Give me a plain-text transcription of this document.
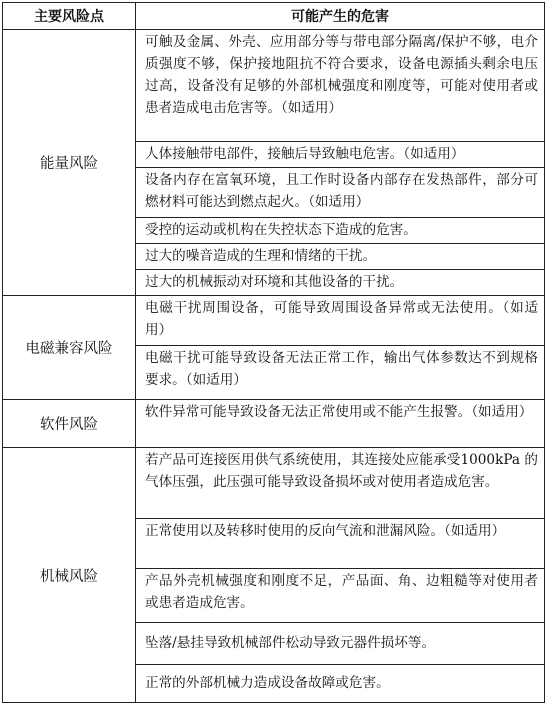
主要风险点	可能产生的危害
能量风险	可触及金属、外壳、应用部分等与带电部分隔离/保护不够，电介质强度不够，保护接地阻抗不符合要求，设备电源插头剩余电压过高，设备没有足够的外部机械强度和刚度等，可能对使用者或患者造成电击危害等。（如适用）
	人体接触带电部件，接触后导致触电危害。（如适用）
	设备内存在富氧环境，且工作时设备内部存在发热部件，部分可燃材料可能达到燃点起火。（如适用）
	受控的运动或机构在失控状态下造成的危害。
	过大的噪音造成的生理和情绪的干扰。
	过大的机械振动对环境和其他设备的干扰。
电磁兼容风险	电磁干扰周围设备，可能导致周围设备异常或无法使用。（如适用）
	电磁干扰可能导致设备无法正常工作，输出气体参数达不到规格要求。（如适用）
软件风险	软件异常可能导致设备无法正常使用或不能产生报警。（如适用）
机械风险	若产品可连接医用供气系统使用，其连接处应能承受1000kPa 的气体压强，此压强可能导致设备损坏或对使用者造成危害。
	正常使用以及转移时使用的反向气流和泄漏风险。（如适用）
	产品外壳机械强度和刚度不足，产品面、角、边粗糙等对使用者或患者造成危害。
	坠落/悬挂导致机械部件松动导致元器件损坏等。
	正常的外部机械力造成设备故障或危害。
